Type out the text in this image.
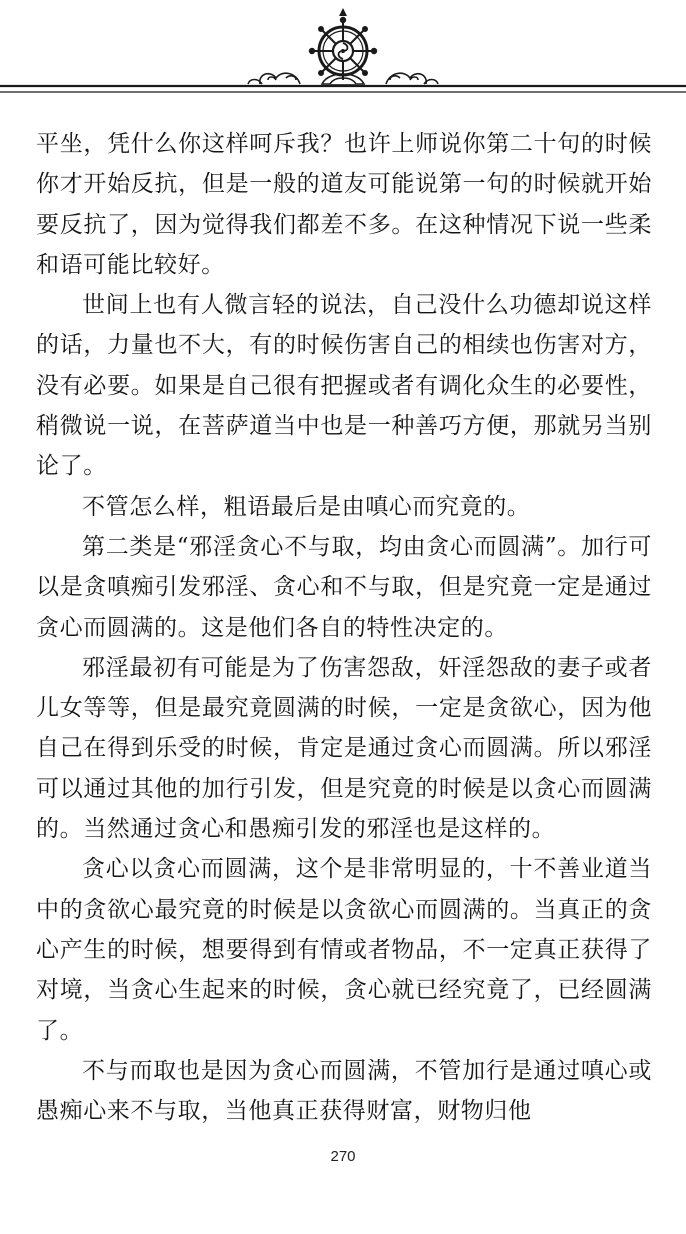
平坐，凭什么你这样呵斥我？也许上师说你第二十句的时候你才开始反抗，但是一般的道友可能说第一句的时候就开始要反抗了，因为觉得我们都差不多。在这种情况下说一些柔和语可能比较好。

世间上也有人微言轻的说法，自己没什么功德却说这样的话，力量也不大，有的时候伤害自己的相续也伤害对方，没有必要。如果是自己很有把握或者有调化众生的必要性，稍微说一说，在菩萨道当中也是一种善巧方便，那就另当别论了。

不管怎么样，粗语最后是由嗔心而究竟的。

第二类是“邪淫贪心不与取，均由贪心而圆满”。加行可以是贪嗔痴引发邪淫、贪心和不与取，但是究竟一定是通过贪心而圆满的。这是他们各自的特性决定的。

邪淫最初有可能是为了伤害怨敌，奸淫怨敌的妻子或者儿女等等，但是最究竟圆满的时候，一定是贪欲心，因为他自己在得到乐受的时候，肯定是通过贪心而圆满。所以邪淫可以通过其他的加行引发，但是究竟的时候是以贪心而圆满的。当然通过贪心和愚痴引发的邪淫也是这样的。

贪心以贪心而圆满，这个是非常明显的，十不善业道当中的贪欲心最究竟的时候是以贪欲心而圆满的。当真正的贪心产生的时候，想要得到有情或者物品，不一定真正获得了对境，当贪心生起来的时候，贪心就已经究竟了，已经圆满了。

不与而取也是因为贪心而圆满，不管加行是通过嗔心或愚痴心来不与取，当他真正获得财富，财物归他

270
